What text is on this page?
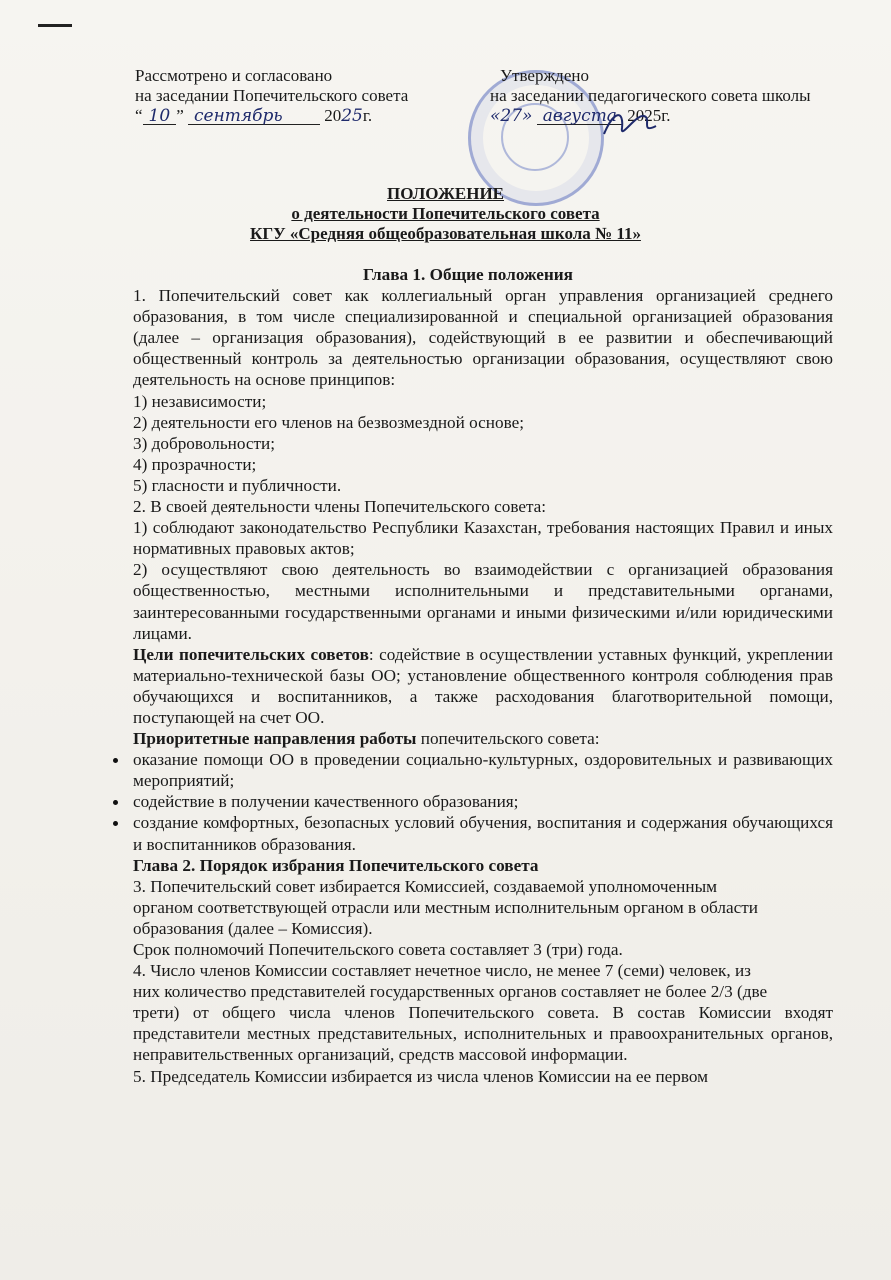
Рассмотрено и согласовано
на заседании Попечительского совета
“ 10 ” сентябрь 2025г.
Утверждено
на заседании педагогического совета школы
«27» августа 2025г.
ПОЛОЖЕНИЕ
о деятельности Попечительского совета
КГУ «Средняя общеобразовательная школа № 11»

Глава 1. Общие положения

1. Попечительский совет как коллегиальный орган управления организацией среднего образования, в том числе специализированной и специальной организацией образования (далее – организация образования), содействующий в ее развитии и обеспечивающий общественный контроль за деятельностью организации образования, осуществляют свою деятельность на основе принципов:

1) независимости;

2) деятельности его членов на безвозмездной основе;

3) добровольности;

4) прозрачности;

5) гласности и публичности.

2. В своей деятельности члены Попечительского совета:

1) соблюдают законодательство Республики Казахстан, требования настоящих Правил и иных нормативных правовых актов;

2) осуществляют свою деятельность во взаимодействии с организацией образования общественностью, местными исполнительными и представительными органами, заинтересованными государственными органами и иными физическими и/или юридическими лицами.

Цели попечительских советов: содействие в осуществлении уставных функций, укреплении материально-технической базы ОО; установление общественного контроля соблюдения прав обучающихся и воспитанников, а также расходования благотворительной помощи, поступающей на счет ОО.

Приоритетные направления работы попечительского совета:

оказание помощи ОО в проведении социально-культурных, оздоровительных и развивающих мероприятий;
содействие в получении качественного образования;
создание комфортных, безопасных условий обучения, воспитания и содержания обучающихся и воспитанников образования.

Глава 2. Порядок избрания Попечительского совета

3. Попечительский совет избирается Комиссией, создаваемой уполномоченным

органом соответствующей отрасли или местным исполнительным органом в области

образования (далее – Комиссия).

Срок полномочий Попечительского совета составляет 3 (три) года.

4. Число членов Комиссии составляет нечетное число, не менее 7 (семи) человек, из

них количество представителей государственных органов составляет не более 2/3 (две

трети) от общего числа членов Попечительского совета. В состав Комиссии входят представители местных представительных, исполнительных и правоохранительных органов, неправительственных организаций, средств массовой информации.

5. Председатель Комиссии избирается из числа членов Комиссии на ее первом
